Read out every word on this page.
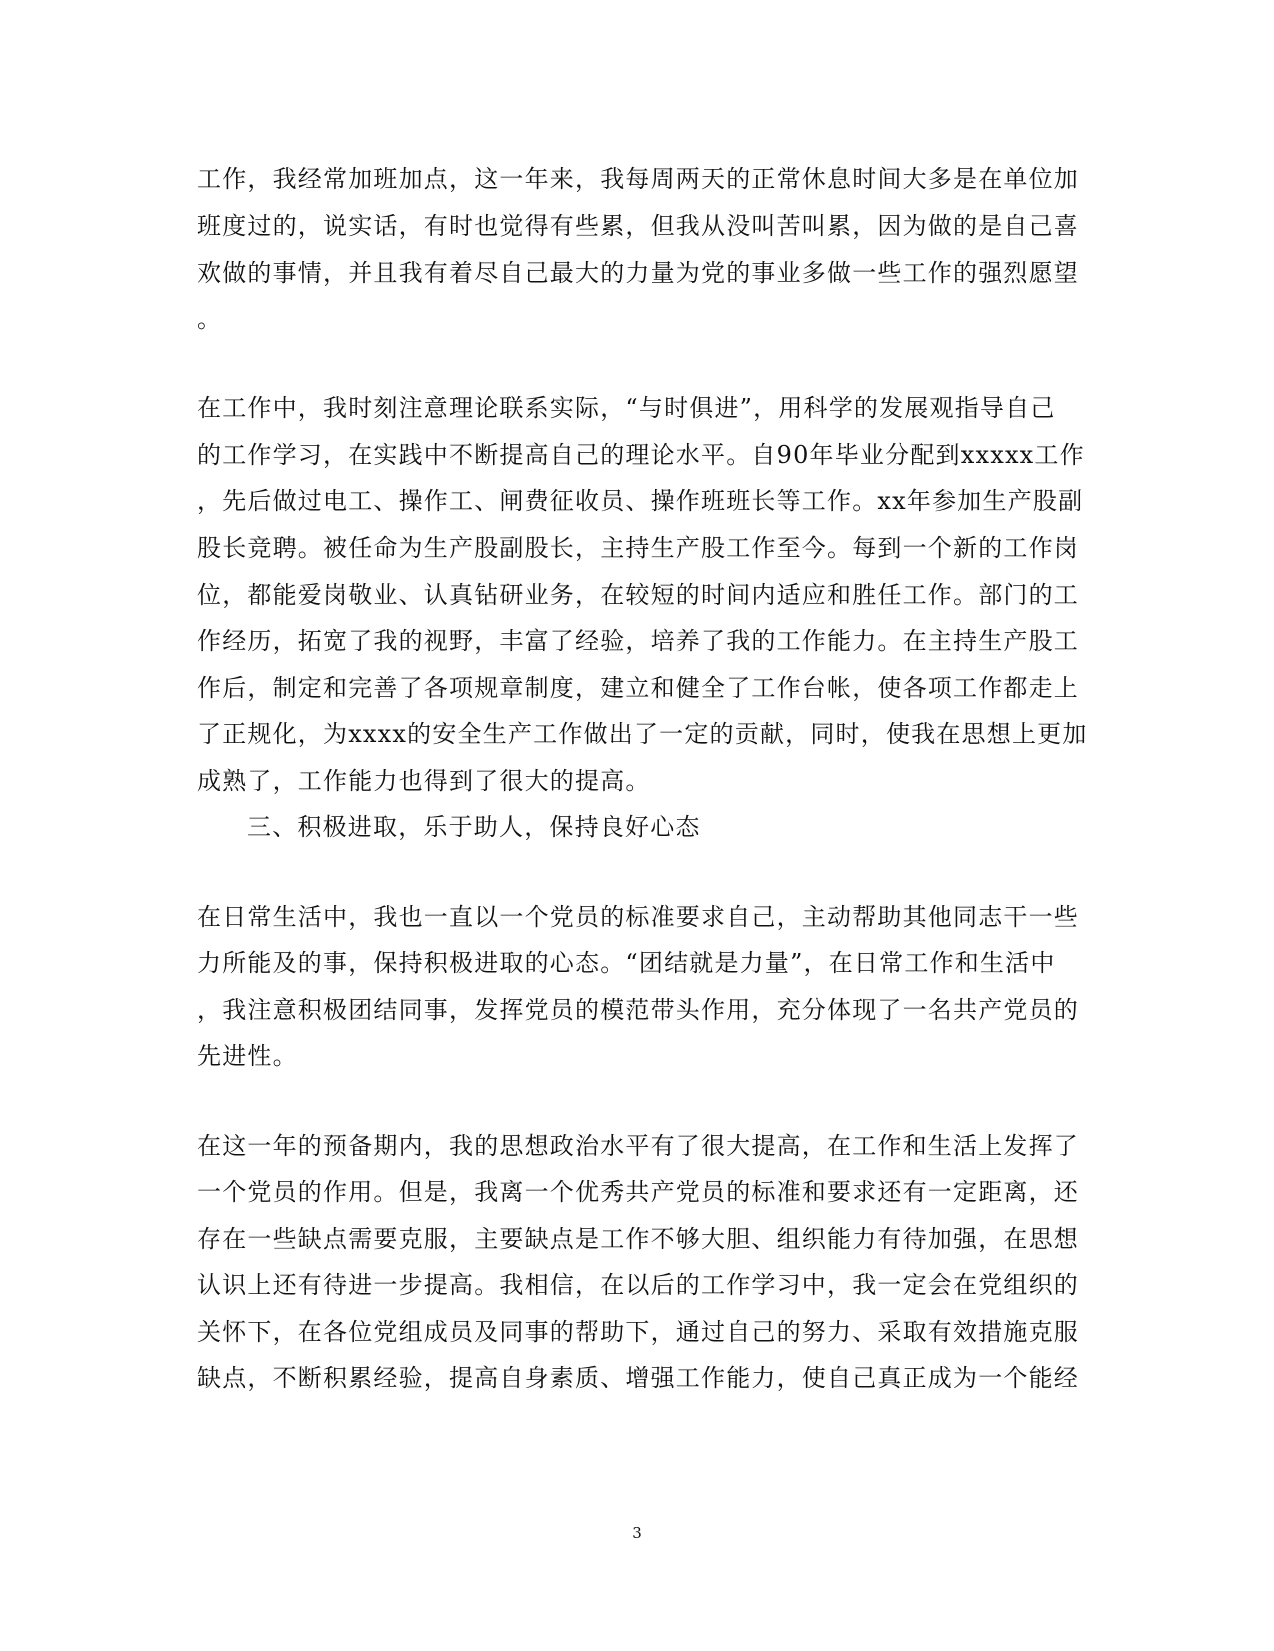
工作，我经常加班加点，这一年来，我每周两天的正常休息时间大多是在单位加
班度过的，说实话，有时也觉得有些累，但我从没叫苦叫累，因为做的是自己喜
欢做的事情，并且我有着尽自己最大的力量为党的事业多做一些工作的强烈愿望
。
在工作中，我时刻注意理论联系实际，“与时俱进”，用科学的发展观指导自己
的工作学习，在实践中不断提高自己的理论水平。自90年毕业分配到xxxxx工作
，先后做过电工、操作工、闸费征收员、操作班班长等工作。xx年参加生产股副
股长竞聘。被任命为生产股副股长，主持生产股工作至今。每到一个新的工作岗
位，都能爱岗敬业、认真钻研业务，在较短的时间内适应和胜任工作。部门的工
作经历，拓宽了我的视野，丰富了经验，培养了我的工作能力。在主持生产股工
作后，制定和完善了各项规章制度，建立和健全了工作台帐，使各项工作都走上
了正规化，为xxxx的安全生产工作做出了一定的贡献，同时，使我在思想上更加
成熟了，工作能力也得到了很大的提高。
三、积极进取，乐于助人，保持良好心态
在日常生活中，我也一直以一个党员的标准要求自己，主动帮助其他同志干一些
力所能及的事，保持积极进取的心态。“团结就是力量”，在日常工作和生活中
，我注意积极团结同事，发挥党员的模范带头作用，充分体现了一名共产党员的
先进性。
在这一年的预备期内，我的思想政治水平有了很大提高，在工作和生活上发挥了
一个党员的作用。但是，我离一个优秀共产党员的标准和要求还有一定距离，还
存在一些缺点需要克服，主要缺点是工作不够大胆、组织能力有待加强，在思想
认识上还有待进一步提高。我相信，在以后的工作学习中，我一定会在党组织的
关怀下，在各位党组成员及同事的帮助下，通过自己的努力、采取有效措施克服
缺点，不断积累经验，提高自身素质、增强工作能力，使自己真正成为一个能经
3
